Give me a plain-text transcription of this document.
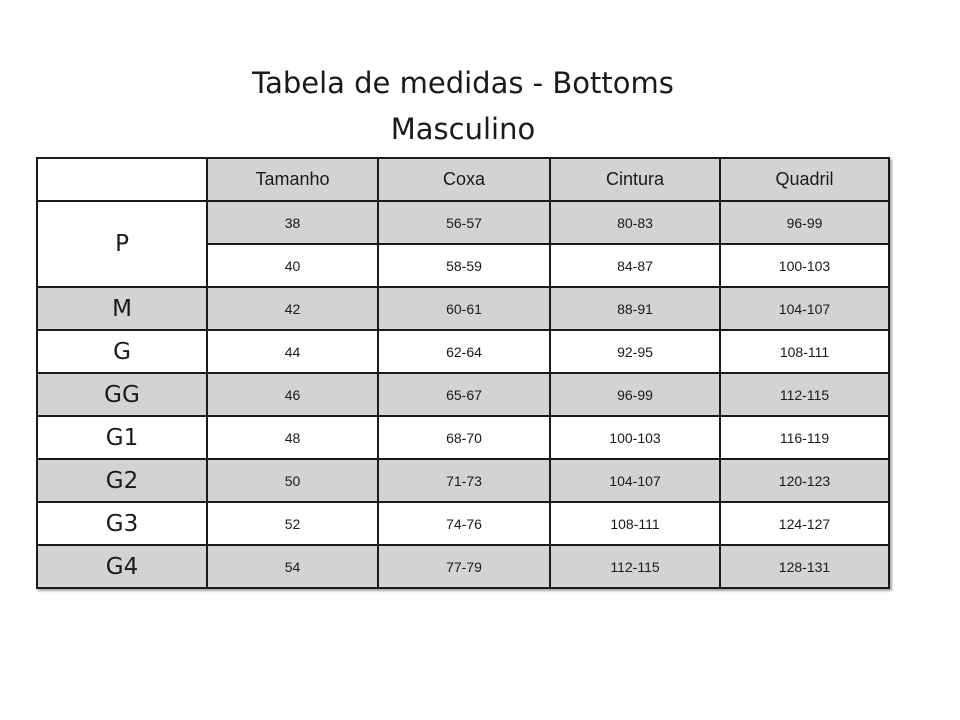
Tabela de medidas - Bottoms
Masculino
	Tamanho	Coxa	Cintura	Quadril
P	38	56-57	80-83	96-99
	40	58-59	84-87	100-103
M	42	60-61	88-91	104-107
G	44	62-64	92-95	108-111
GG	46	65-67	96-99	112-115
G1	48	68-70	100-103	116-119
G2	50	71-73	104-107	120-123
G3	52	74-76	108-111	124-127
G4	54	77-79	112-115	128-131
